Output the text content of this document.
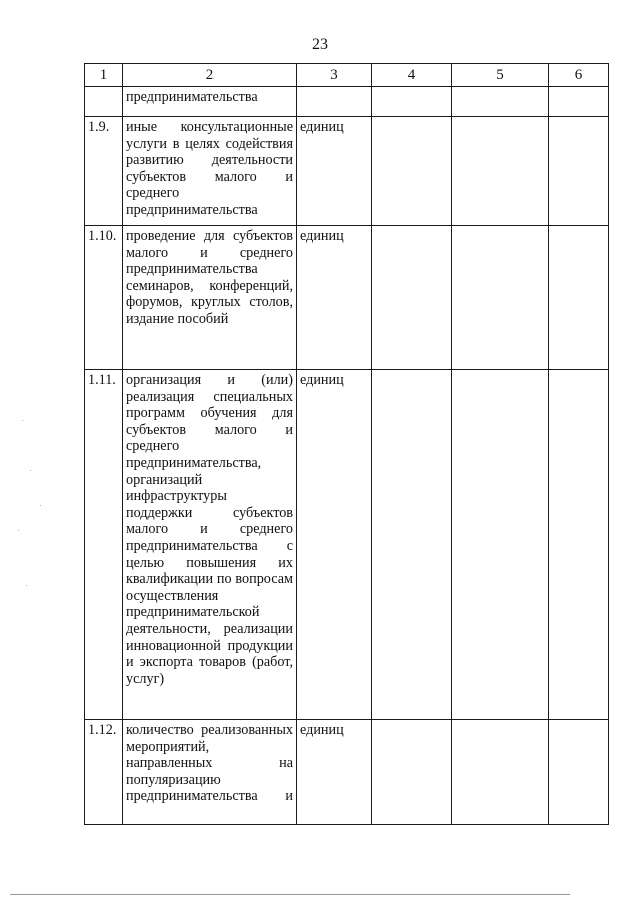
23
1	2	3	4	5	6
	предпринимательства				
1.9.	иные консультационные услуги в целях содействия развитию деятельности субъектов малого и среднего предпринимательства	единиц			
1.10.	проведение для субъектов малого и среднего предпринимательства семинаров, конференций, форумов, круглых столов, издание пособий	единиц			
1.11.	организация и (или) реализация специальных программ обучения для субъектов малого и среднего предпринимательства, организаций инфраструктуры поддержки субъектов малого и среднего предпринимательства с целью повышения их квалификации по вопросам осуществления предпринимательской деятельности, реализации инновационной продукции и экспорта товаров (работ, услуг)	единиц			
1.12.	количество реализованных мероприятий, направленных на популяризацию предпринимательства и	единиц			
